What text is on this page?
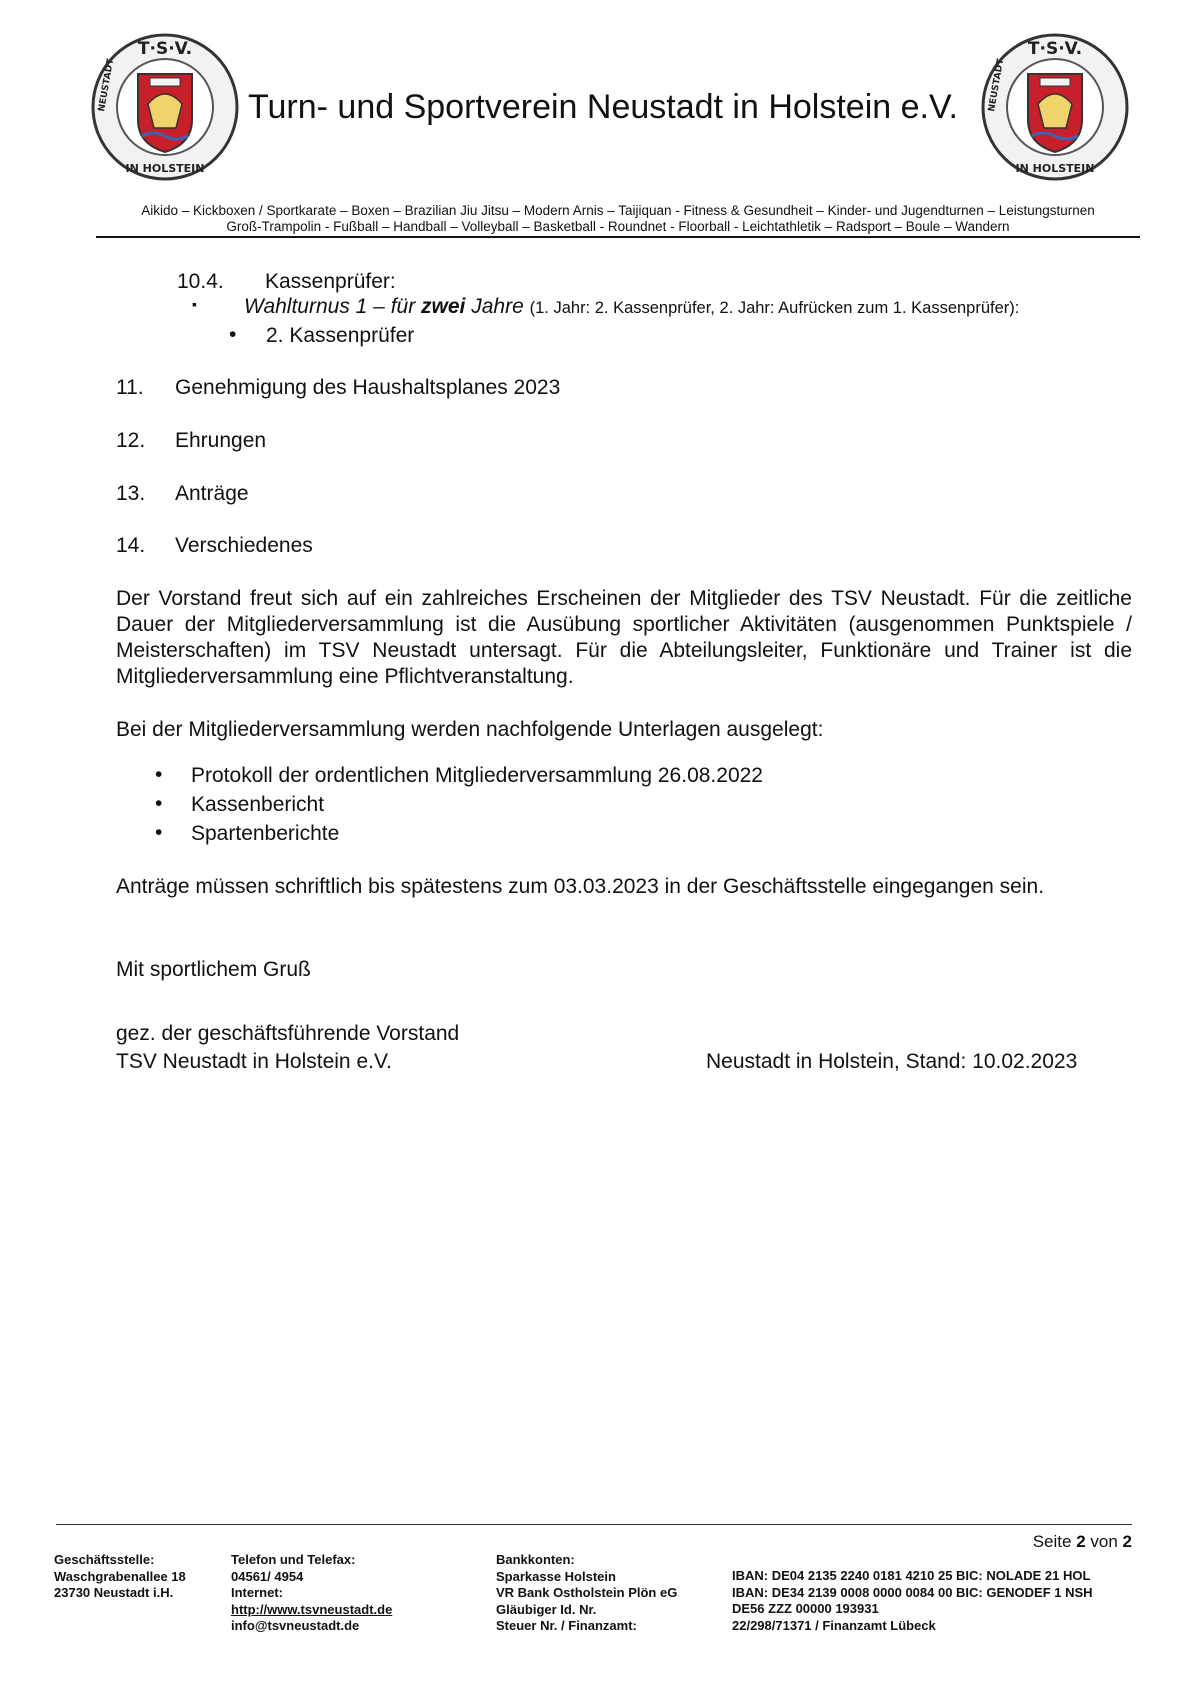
T·S·V.
NEUSTADT
IN HOLSTEIN
T·S·V.
NEUSTADT
IN HOLSTEIN
Turn- und Sportverein Neustadt in Holstein e.V.
Aikido – Kickboxen / Sportkarate – Boxen – Brazilian Jiu Jitsu – Modern Arnis – Taijiquan - Fitness & Gesundheit – Kinder- und Jugendturnen – Leistungsturnen
Groß-Trampolin - Fußball – Handball – Volleyball – Basketball - Roundnet - Floorball - Leichtathletik – Radsport – Boule – Wandern
10.4. Kassenprüfer:
▪ Wahlturnus 1 – für zwei Jahre (1. Jahr: 2. Kassenprüfer, 2. Jahr: Aufrücken zum 1. Kassenprüfer):
• 2. Kassenprüfer
11. Genehmigung des Haushaltsplanes 2023
12. Ehrungen
13. Anträge
14. Verschiedenes
Der Vorstand freut sich auf ein zahlreiches Erscheinen der Mitglieder des TSV Neustadt. Für die zeitliche Dauer der Mitgliederversammlung ist die Ausübung sportlicher Aktivitäten (ausgenommen Punktspiele / Meisterschaften) im TSV Neustadt untersagt. Für die Abteilungsleiter, Funktionäre und Trainer ist die Mitgliederversammlung eine Pflichtveranstaltung.
Bei der Mitgliederversammlung werden nachfolgende Unterlagen ausgelegt:
• Protokoll der ordentlichen Mitgliederversammlung 26.08.2022
• Kassenbericht
• Spartenberichte
Anträge müssen schriftlich bis spätestens zum 03.03.2023 in der Geschäftsstelle eingegangen sein.
Mit sportlichem Gruß
gez. der geschäftsführende Vorstand
TSV Neustadt in Holstein e.V.	Neustadt in Holstein, Stand: 10.02.2023
Seite 2 von 2
Geschäftsstelle:
Waschgrabenallee 18
23730 Neustadt i.H.
Telefon und Telefax:
04561/ 4954
Internet:
http://www.tsvneustadt.de
info@tsvneustadt.de
Bankkonten:
Sparkasse Holstein
VR Bank Ostholstein Plön eG
Gläubiger Id. Nr.
Steuer Nr. / Finanzamt:
IBAN: DE04 2135 2240 0181 4210 25 BIC: NOLADE 21 HOL
IBAN: DE34 2139 0008 0000 0084 00 BIC: GENODEF 1 NSH
DE56 ZZZ 00000 193931
22/298/71371 / Finanzamt Lübeck
